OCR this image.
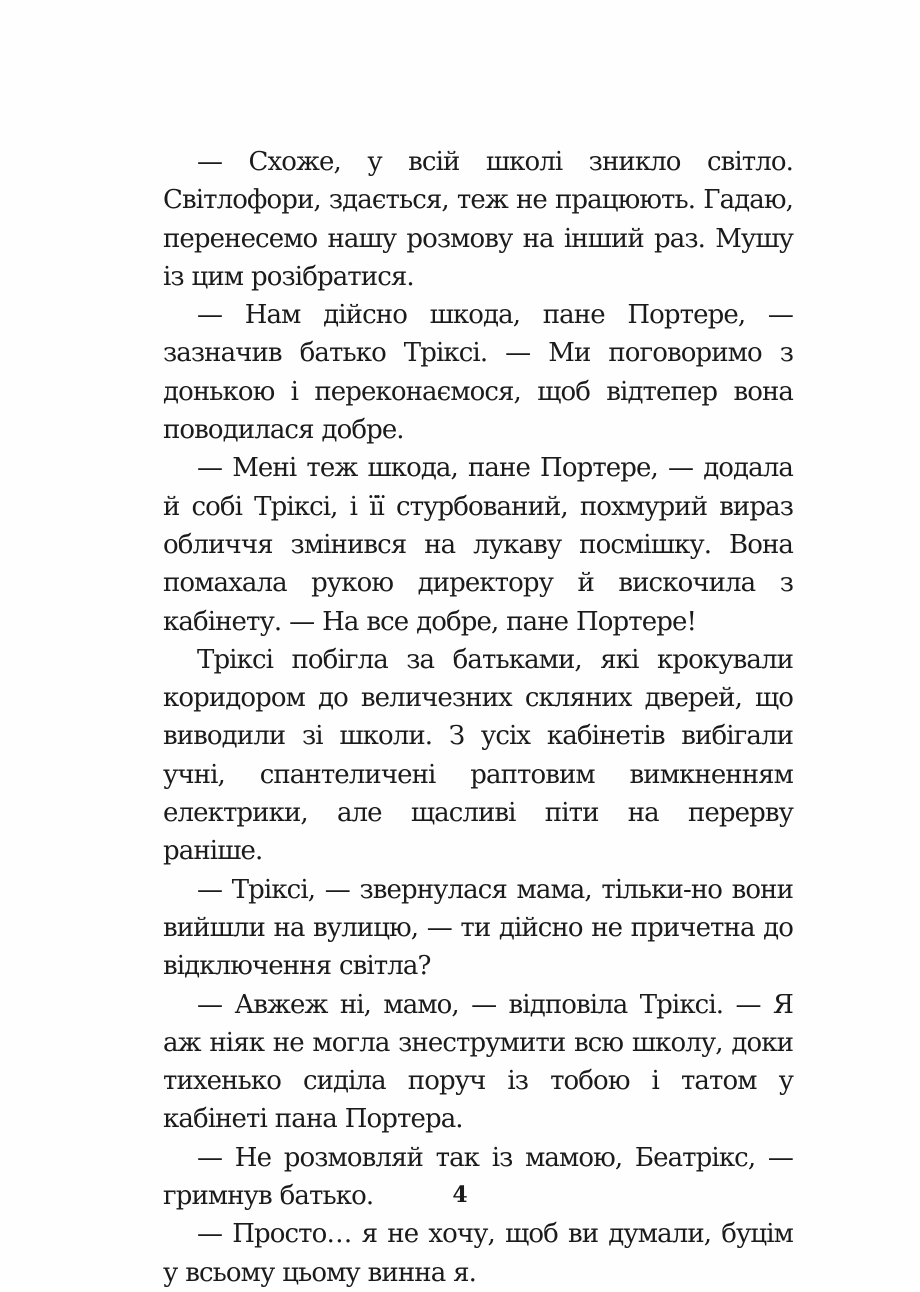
— Схоже, у всій школі зникло світло. Світлофори, здається, теж не працюють. Гадаю, перенесемо нашу розмову на інший раз. Мушу із цим розібратися.

— Нам дійсно шкода, пане Портере, — зазначив батько Тріксі. — Ми поговоримо з донькою і переконаємося, щоб відтепер вона поводилася добре.

— Мені теж шкода, пане Портере, — додала й собі Тріксі, і її стурбований, похмурий вираз обличчя змінився на лукаву посмішку. Вона помахала рукою директору й вискочила з кабінету. — На все добре, пане Портере!

Тріксі побігла за батьками, які крокували коридором до величезних скляних дверей, що виводили зі школи. З усіх кабінетів вибігали учні, спантеличені раптовим вимкненням електрики, але щасливі піти на перерву раніше.

— Тріксі, — звернулася мама, тільки-но вони вийшли на вулицю, — ти дійсно не причетна до відключення світла?

— Авжеж ні, мамо, — відповіла Тріксі. — Я аж ніяк не могла знеструмити всю школу, доки тихенько сиділа поруч із тобою і татом у кабінеті пана Портера.

— Не розмовляй так із мамою, Беатрікс, — гримнув батько.

— Просто… я не хочу, щоб ви думали, буцім у всьому цьому винна я.

4
